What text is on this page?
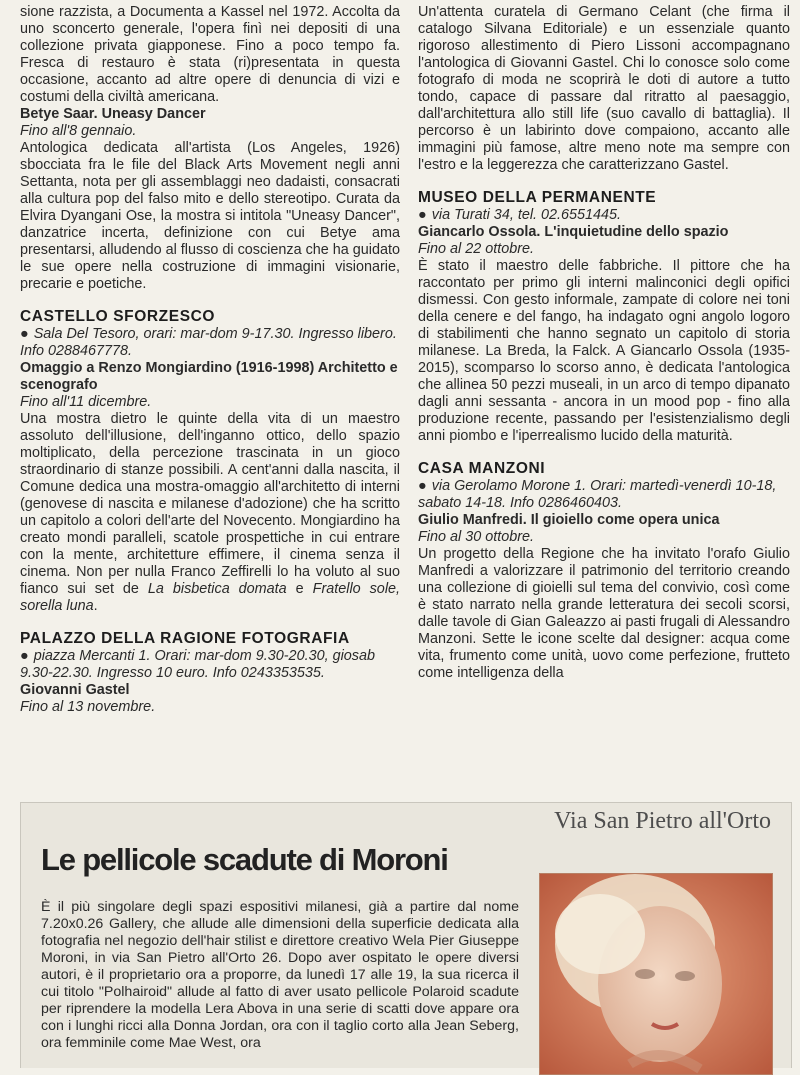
sione razzista, a Documenta a Kassel nel 1972. Accolta da uno sconcerto generale, l'opera finì nei depositi di una collezione privata giapponese. Fino a poco tempo fa. Fresca di restauro è stata (ri)presentata in questa occasione, accanto ad altre opere di denuncia di vizi e costumi della civiltà americana.

Betye Saar. Uneasy Dancer
Fino all'8 gennaio.

Antologica dedicata all'artista (Los Angeles, 1926) sbocciata fra le file del Black Arts Movement negli anni Settanta, nota per gli assemblaggi neo dadaisti, consacrati alla cultura pop del falso mito e dello stereotipo. Curata da Elvira Dyangani Ose, la mostra si intitola "Uneasy Dancer", danzatrice incerta, definizione con cui Betye ama presentarsi, alludendo al flusso di coscienza che ha guidato le sue opere nella costruzione di immagini visionarie, precarie e poetiche.

CASTELLO SFORZESCO
● Sala Del Tesoro, orari: mar-dom 9-17.30. Ingresso libero. Info 0288467778.
Omaggio a Renzo Mongiardino (1916-1998) Architetto e scenografo
Fino all'11 dicembre.

Una mostra dietro le quinte della vita di un maestro assoluto dell'illusione, dell'inganno ottico, dello spazio moltiplicato, della percezione trascinata in un gioco straordinario di stanze possibili. A cent'anni dalla nascita, il Comune dedica una mostra-omaggio all'architetto di interni (genovese di nascita e milanese d'adozione) che ha scritto un capitolo a colori dell'arte del Novecento. Mongiardino ha creato mondi paralleli, scatole prospettiche in cui entrare con la mente, architetture effimere, il cinema senza il cinema. Non per nulla Franco Zeffirelli lo ha voluto al suo fianco sui set de La bisbetica domata e Fratello sole, sorella luna.

PALAZZO DELLA RAGIONE FOTOGRAFIA
● piazza Mercanti 1. Orari: mar-dom 9.30-20.30, giosab 9.30-22.30. Ingresso 10 euro. Info 0243353535.
Giovanni Gastel
Fino al 13 novembre.

Un'attenta curatela di Germano Celant (che firma il catalogo Silvana Editoriale) e un essenziale quanto rigoroso allestimento di Piero Lissoni accompagnano l'antologica di Giovanni Gastel. Chi lo conosce solo come fotografo di moda ne scoprirà le doti di autore a tutto tondo, capace di passare dal ritratto al paesaggio, dall'architettura allo still life (suo cavallo di battaglia). Il percorso è un labirinto dove compaiono, accanto alle immagini più famose, altre meno note ma sempre con l'estro e la leggerezza che caratterizzano Gastel.

MUSEO DELLA PERMANENTE
● via Turati 34, tel. 02.6551445.
Giancarlo Ossola. L'inquietudine dello spazio
Fino al 22 ottobre.

È stato il maestro delle fabbriche. Il pittore che ha raccontato per primo gli interni malinconici degli opifici dismessi. Con gesto informale, zampate di colore nei toni della cenere e del fango, ha indagato ogni angolo logoro di stabilimenti che hanno segnato un capitolo di storia milanese. La Breda, la Falck. A Giancarlo Ossola (1935-2015), scomparso lo scorso anno, è dedicata l'antologica che allinea 50 pezzi museali, in un arco di tempo dipanato dagli anni sessanta - ancora in un mood pop - fino alla produzione recente, passando per l'esistenzialismo degli anni piombo e l'iperrealismo lucido della maturità.

CASA MANZONI
● via Gerolamo Morone 1. Orari: martedì-venerdì 10-18, sabato 14-18. Info 0286460403.
Giulio Manfredi. Il gioiello come opera unica
Fino al 30 ottobre.

Un progetto della Regione che ha invitato l'orafo Giulio Manfredi a valorizzare il patrimonio del territorio creando una collezione di gioielli sul tema del convivio, così come è stato narrato nella grande letteratura dei secoli scorsi, dalle tavole di Gian Galeazzo ai pasti frugali di Alessandro Manzoni. Sette le icone scelte dal designer: acqua come vita, frumento come unità, uovo come perfezione, frutteto come intelligenza della

Via San Pietro all'Orto
Le pellicole scadute di Moroni

È il più singolare degli spazi espositivi milanesi, già a partire dal nome 7.20x0.26 Gallery, che allude alle dimensioni della superficie dedicata alla fotografia nel negozio dell'hair stilist e direttore creativo Wela Pier Giuseppe Moroni, in via San Pietro all'Orto 26. Dopo aver ospitato le opere diversi autori, è il proprietario ora a proporre, da lunedì 17 alle 19, la sua ricerca il cui titolo "Polhairoid" allude al fatto di aver usato pellicole Polaroid scadute per riprendere la modella Lera Abova in una serie di scatti dove appare ora con i lunghi ricci alla Donna Jordan, ora con il taglio corto alla Jean Seberg, ora femminile come Mae West, ora
